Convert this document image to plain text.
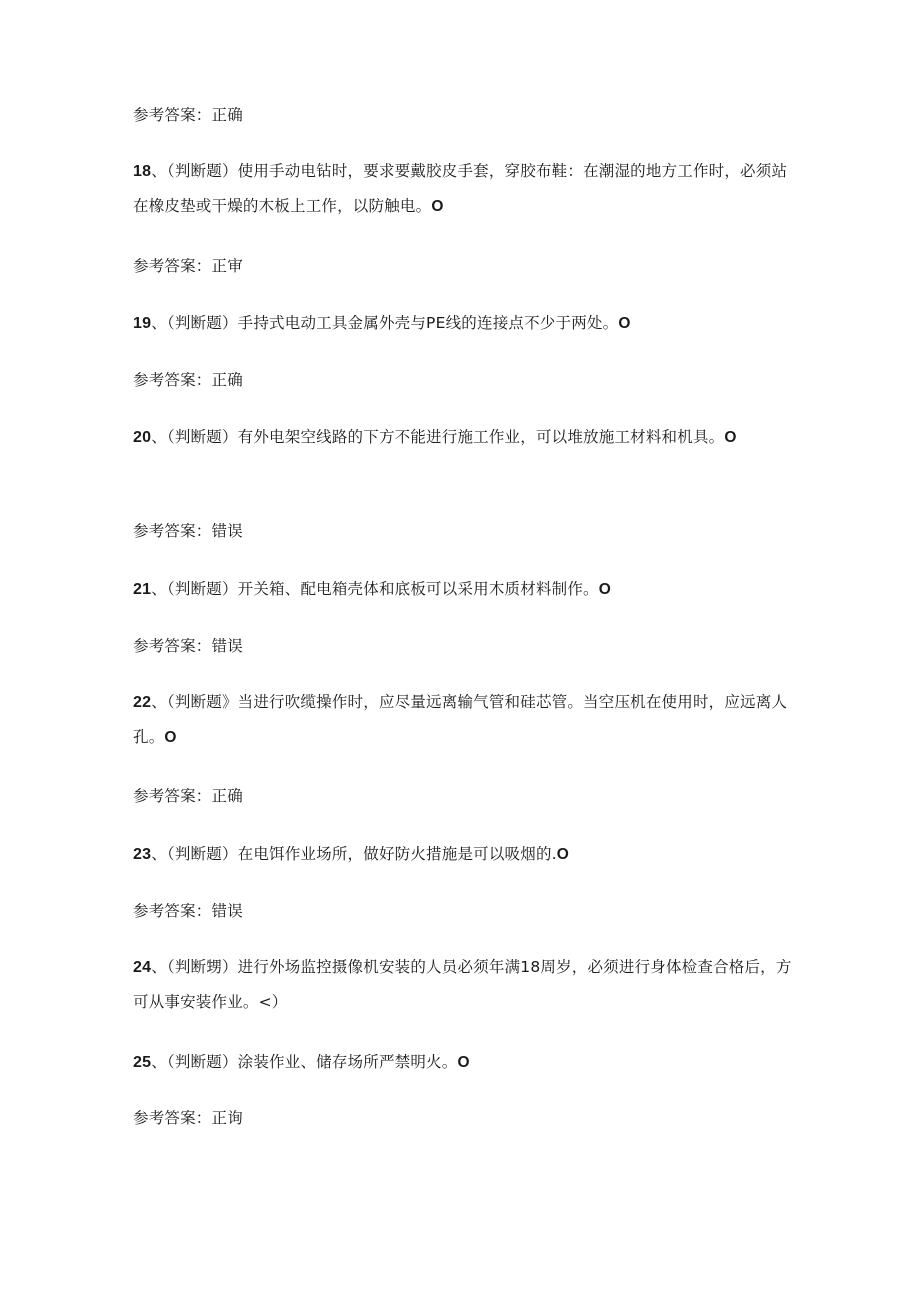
参考答案：正确
18、（判断题）使用手动电钻时，要求要戴胶皮手套，穿胶布鞋：在潮湿的地方工作时，必须站在橡皮垫或干燥的木板上工作，以防触电。O
参考答案：正审
19、（判断题）手持式电动工具金属外壳与PE线的连接点不少于两处。O
参考答案：正确
20、（判断题）有外电架空线路的下方不能进行施工作业，可以堆放施工材料和机具。O
参考答案：错误
21、（判断题）开关箱、配电箱壳体和底板可以采用木质材料制作。O
参考答案：错误
22、（判断题》当进行吹缆操作时，应尽量远离输气管和硅芯管。当空压机在使用时，应远离人孔。O
参考答案：正确
23、（判断题）在电饵作业场所，做好防火措施是可以吸烟的.O
参考答案：错误
24、（判断甥）进行外场监控摄像机安装的人员必须年满18周岁，必须进行身体检查合格后，方可从事安装作业。<）
25、（判断题）涂装作业、储存场所严禁明火。O
参考答案：正询
